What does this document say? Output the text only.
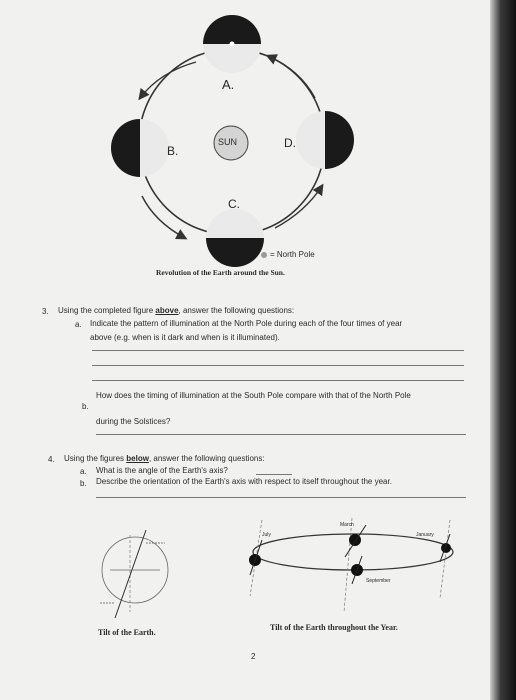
A.
B.
SUN	D.
C.
= North Pole
Revolution of the Earth around the Sun.
3. Using the completed figure above, answer the following questions:
a. Indicate the pattern of illumination at the North Pole during each of the four times of year
above (e.g. when is it dark and when is it illuminated).
b.
How does the timing of illumination at the South Pole compare with that of the North Pole
during the Solstices?
4. Using the figures below, answer the following questions:
a. What is the angle of the Earth's axis?
b. Describe the orientation of the Earth's axis with respect to itself throughout the year.
July
March
January
September
Tilt of the Earth.
Tilt of the Earth throughout the Year.
2
